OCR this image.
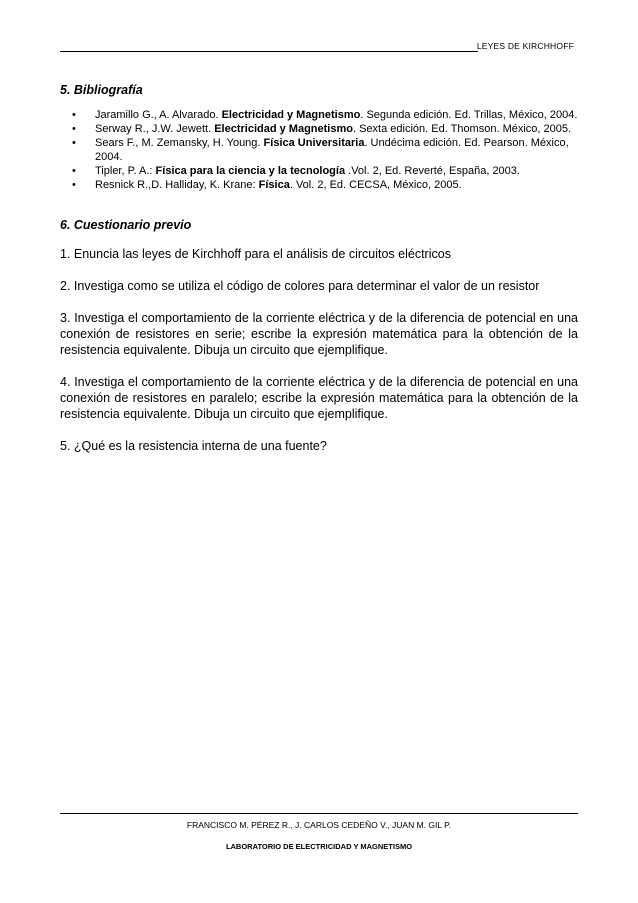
LEYES DE KIRCHHOFF
5. Bibliografía
• Jaramillo G., A. Alvarado. Electricidad y Magnetismo. Segunda edición. Ed. Trillas, México, 2004.
• Serway R., J.W. Jewett. Electricidad y Magnetismo. Sexta edición. Ed. Thomson. México, 2005.
• Sears F., M. Zemansky, H. Young. Física Universitaria. Undécima edición. Ed. Pearson. México, 2004.
• Tipler, P. A.: Física para la ciencia y la tecnología .Vol. 2, Ed. Reverté, España, 2003.
• Resnick R.,D. Halliday, K. Krane: Física. Vol. 2, Ed. CECSA, México, 2005.
6. Cuestionario previo

1. Enuncia las leyes de Kirchhoff para el análisis de circuitos eléctricos

2. Investiga como se utiliza el código de colores para determinar el valor de un resistor

3. Investiga el comportamiento de la corriente eléctrica y de la diferencia de potencial en una conexión de resistores en serie; escribe la expresión matemática para la obtención de la resistencia equivalente. Dibuja un circuito que ejemplifique.

4. Investiga el comportamiento de la corriente eléctrica y de la diferencia de potencial en una conexión de resistores en paralelo; escribe la expresión matemática para la obtención de la resistencia equivalente. Dibuja un circuito que ejemplifique.

5. ¿Qué es la resistencia interna de una fuente?

FRANCISCO M. PÉREZ R., J. CARLOS CEDEÑO V., JUAN M. GIL P.
LABORATORIO DE ELECTRICIDAD Y MAGNETISMO
